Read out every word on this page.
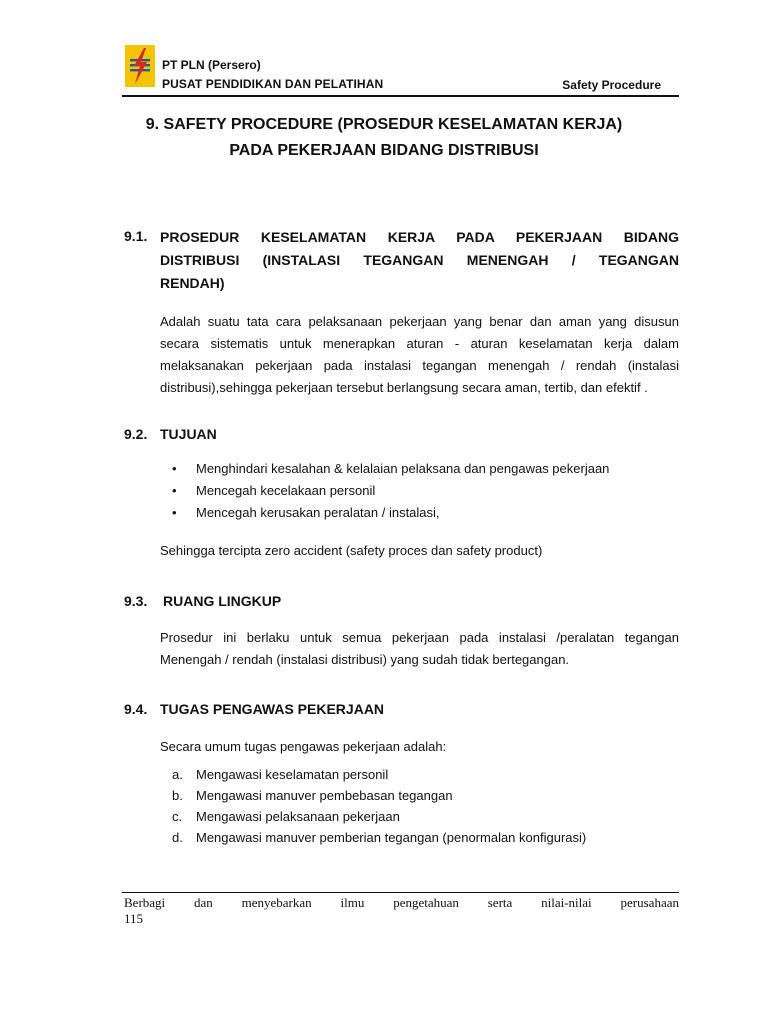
PT PLN (Persero)
PUSAT PENDIDIKAN DAN PELATIHAN	Safety Procedure
9. SAFETY PROCEDURE (PROSEDUR KESELAMATAN KERJA)
PADA PEKERJAAN BIDANG DISTRIBUSI
9.1. PROSEDUR KESELAMATAN KERJA PADA PEKERJAAN BIDANG
DISTRIBUSI (INSTALASI TEGANGAN MENENGAH / TEGANGAN
RENDAH)
Adalah suatu tata cara pelaksanaan pekerjaan yang benar dan aman yang disusun
secara sistematis untuk menerapkan aturan - aturan keselamatan kerja dalam
melaksanakan pekerjaan pada instalasi tegangan menengah / rendah (instalasi
distribusi),sehingga pekerjaan tersebut berlangsung secara aman, tertib, dan efektif .
9.2. TUJUAN
• Menghindari kesalahan & kelalaian pelaksana dan pengawas pekerjaan
• Mencegah kecelakaan personil
• Mencegah kerusakan peralatan / instalasi,
Sehingga tercipta zero accident (safety proces dan safety product)
9.3. RUANG LINGKUP
Prosedur ini berlaku untuk semua pekerjaan pada instalasi /peralatan tegangan
Menengah / rendah (instalasi distribusi) yang sudah tidak bertegangan.
9.4. TUGAS PENGAWAS PEKERJAAN
Secara umum tugas pengawas pekerjaan adalah:
a. Mengawasi keselamatan personil
b. Mengawasi manuver pembebasan tegangan
c. Mengawasi pelaksanaan pekerjaan
d. Mengawasi manuver pemberian tegangan (penormalan konfigurasi)
Berbagi dan menyebarkan ilmu pengetahuan serta nilai-nilai perusahaan
115
